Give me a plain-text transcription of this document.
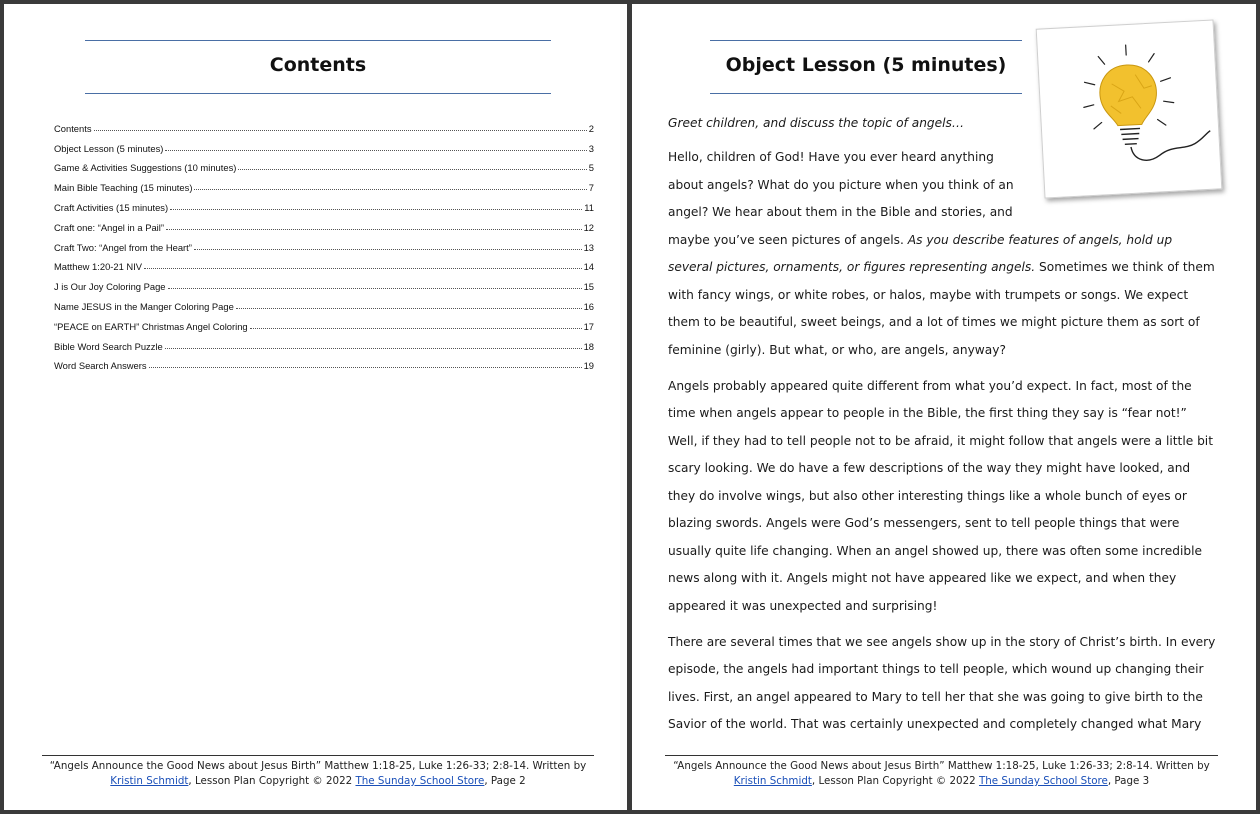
Contents
Contents	2
Object Lesson (5 minutes)	3
Game & Activities Suggestions (10 minutes)	5
Main Bible Teaching (15 minutes)	7
Craft Activities (15 minutes)	11
Craft one: “Angel in a Pail”	12
Craft Two: “Angel from the Heart”	13
Matthew 1:20-21 NIV	14
J is Our Joy Coloring Page	15
Name JESUS in the Manger Coloring Page	16
“PEACE on EARTH” Christmas Angel Coloring	17
Bible Word Search Puzzle	18
Word Search Answers	19
“Angels Announce the Good News about Jesus Birth” Matthew 1:18-25, Luke 1:26-33; 2:8-14. Written by Kristin Schmidt, Lesson Plan Copyright © 2022 The Sunday School Store, Page 2
Object Lesson (5 minutes)
Greet children, and discuss the topic of angels…
Hello, children of God! Have you ever heard anything
about angels? What do you picture when you think of an
angel? We hear about them in the Bible and stories, and
maybe you’ve seen pictures of angels. As you describe features of angels, hold up several pictures, ornaments, or figures representing angels. Sometimes we think of them with fancy wings, or white robes, or halos, maybe with trumpets or songs. We expect them to be beautiful, sweet beings, and a lot of times we might picture them as sort of feminine (girly). But what, or who, are angels, anyway?
Angels probably appeared quite different from what you’d expect. In fact, most of the time when angels appear to people in the Bible, the first thing they say is “fear not!” Well, if they had to tell people not to be afraid, it might follow that angels were a little bit scary looking. We do have a few descriptions of the way they might have looked, and they do involve wings, but also other interesting things like a whole bunch of eyes or blazing swords. Angels were God’s messengers, sent to tell people things that were usually quite life changing. When an angel showed up, there was often some incredible news along with it. Angels might not have appeared like we expect, and when they appeared it was unexpected and surprising!
There are several times that we see angels show up in the story of Christ’s birth. In every episode, the angels had important things to tell people, which wound up changing their lives. First, an angel appeared to Mary to tell her that she was going to give birth to the Savior of the world. That was certainly unexpected and completely changed what Mary
“Angels Announce the Good News about Jesus Birth” Matthew 1:18-25, Luke 1:26-33; 2:8-14. Written by Kristin Schmidt, Lesson Plan Copyright © 2022 The Sunday School Store, Page 3
